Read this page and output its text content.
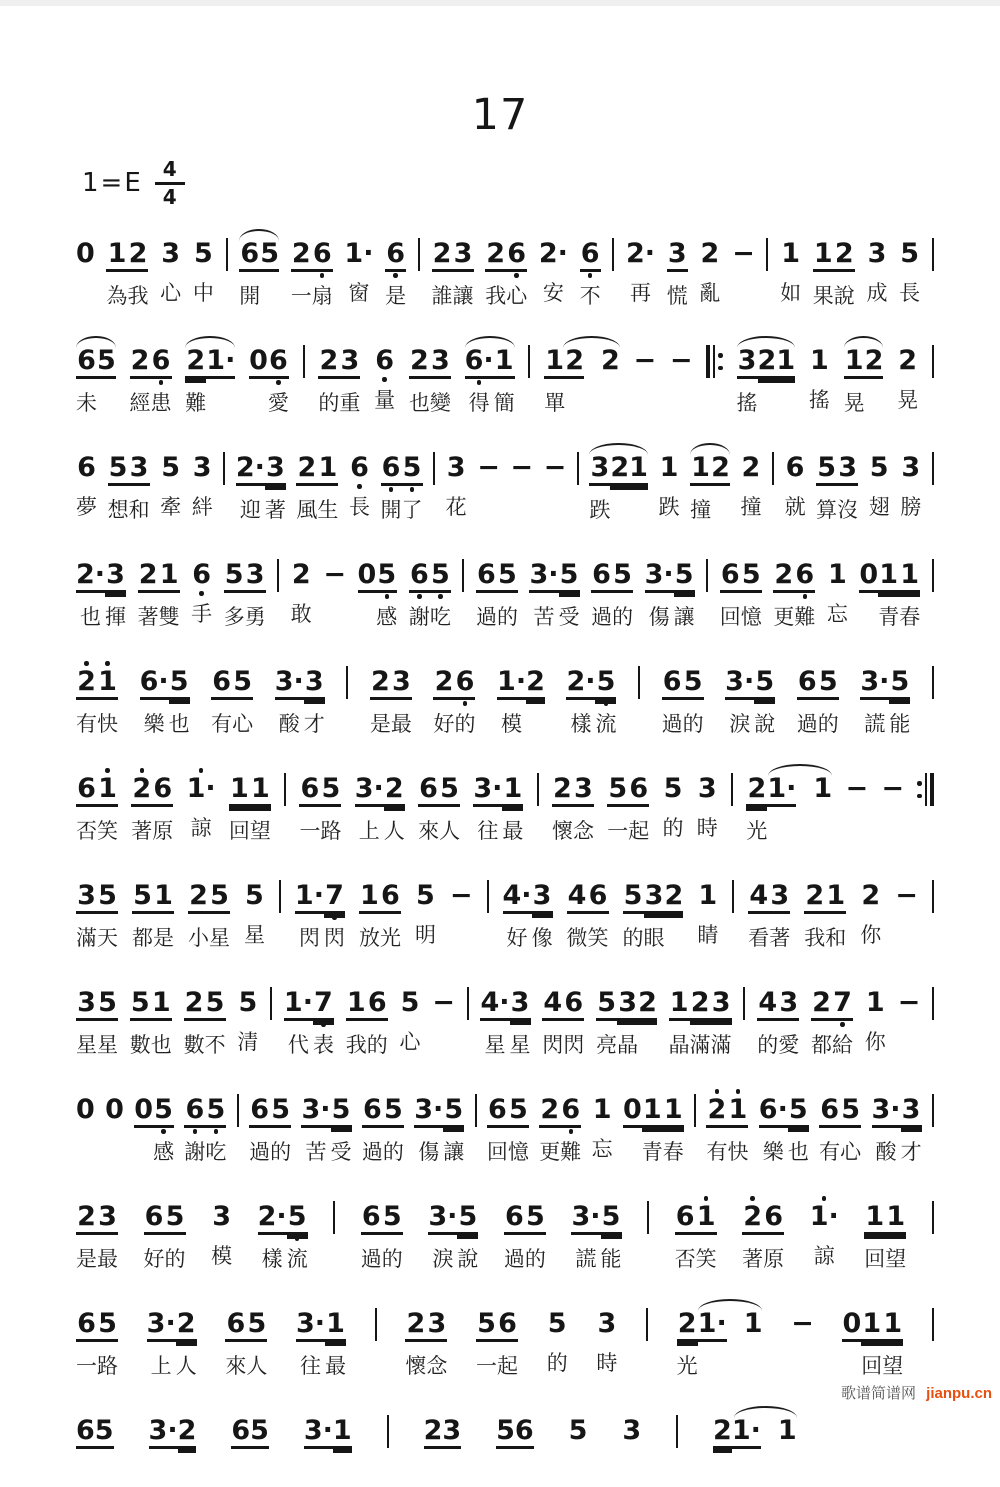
17
$1=E \frac{4}{4}$
0
1
為
2
我
3
心
5
中
6
開
5
2
一
6
扇
1·
窗
6
是
2
誰
3
讓
2
我
6
心
2·
安
6
不
2·
再
3
慌
2
亂
−
1
如
1
果
2
說
3
成
5
長
6
未
5
2
經
6
患
2
難
1·
0
6
愛
2
的
3
重
6
量
2
也
3
變
6·
得
1
簡
1
單
2

2
−
−
3
搖
2
1
1
搖
1
晃
2
2
晃
6
夢
5
想
3
和
5
牽
3
絆
2·
迎
3
著
2
風
1
生
6
長
6
開
5
了
3
花
−
−
−
3
跌
2
1
1
跌
1
撞
2
2
撞
6
就
5
算
3
沒
5
翅
3
膀
2·
也
3
揮
2
著
1
雙
6
手
5
多
3
勇
2
敢
−
0
5
感
6
謝
5
吃
6
過
5
的
3·
苦
5
受
6
過
5
的
3·
傷
5
讓
6
回
5
憶
2
更
6
難
1
忘
0
1
青
1
春
2
有
1
快
6·
樂
5
也
6
有
5
心
3·
酸
3
才
2
是
3
最
2
好
6
的
1·
模
2
2·
樣
5
流
6
過
5
的
3·
淚
5
說
6
過
5
的
3·
謊
5
能
6
否
1
笑
2
著
6
原
1·
諒
1
回
1
望
6
一
5
路
3·
上
2
人
6
來
5
人
3·
往
1
最
2
懷
3
念
5
一
6
起
5
的
3
時
2
光
1·

1
−
−

3
滿
5
天
5
都
1
是
2
小
5
星
5
星
1·
閃
7
閃
1
放
6
光
5
明
−
4·
好
3
像
4
微
6
笑
5
的
3
眼
2
1
睛
4
看
3
著
2
我
1
和
2
你
−

3
星
5
星
5
數
1
也
2
數
5
不
5
清
1·
代
7
表
1
我
6
的
5
心
−
4·
星
3
星
4
閃
6
閃
5
亮
3
晶
2
1
晶
2
滿
3
滿
4
的
3
愛
2
都
7
給
1
你
−

0
0
0
5
感
6
謝
5
吃
6
過
5
的
3·
苦
5
受
6
過
5
的
3·
傷
5
讓
6
回
5
憶
2
更
6
難
1
忘
0
1
青
1
春
2
有
1
快
6·
樂
5
也
6
有
5
心
3·
酸
3
才
2
是
3
最
6
好
5
的
3
模
2·
樣
5
流
6
過
5
的
3·
淚
5
說
6
過
5
的
3·
謊
5
能
6
否
1
笑
2
著
6
原
1·
諒
1
回
1
望
6
一
5
路
3·
上
2
人
6
來
5
人
3·
往
1
最
2
懷
3
念
5
一
6
起
5
的
3
時
2
光
1·

1
−
0
1
回
1
望
6
5
3·
2
6
5
3·
1
	2
3
5
6
5
3
	2
1·

1

歌谱简谱网 jianpu.cn
